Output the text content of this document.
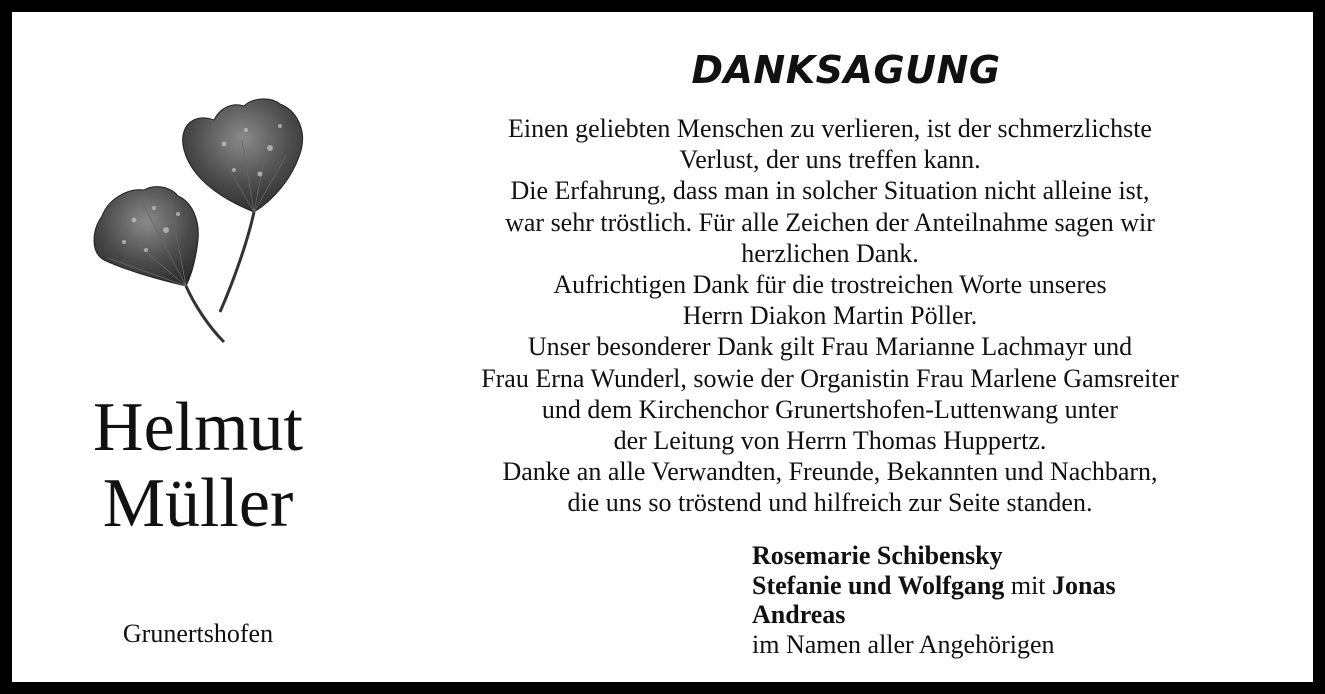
Helmut
Müller
Grunertshofen
DANKSAGUNG
Einen geliebten Menschen zu verlieren, ist der schmerzlichste
Verlust, der uns treffen kann.
Die Erfahrung, dass man in solcher Situation nicht alleine ist,
war sehr tröstlich. Für alle Zeichen der Anteilnahme sagen wir
herzlichen Dank.
Aufrichtigen Dank für die trostreichen Worte unseres
Herrn Diakon Martin Pöller.
Unser besonderer Dank gilt Frau Marianne Lachmayr und
Frau Erna Wunderl, sowie der Organistin Frau Marlene Gamsreiter
und dem Kirchenchor Grunertshofen-Luttenwang unter
der Leitung von Herrn Thomas Huppertz.
Danke an alle Verwandten, Freunde, Bekannten und Nachbarn,
die uns so tröstend und hilfreich zur Seite standen.
Rosemarie Schibensky
Stefanie und Wolfgang mit Jonas
Andreas
im Namen aller Angehörigen
